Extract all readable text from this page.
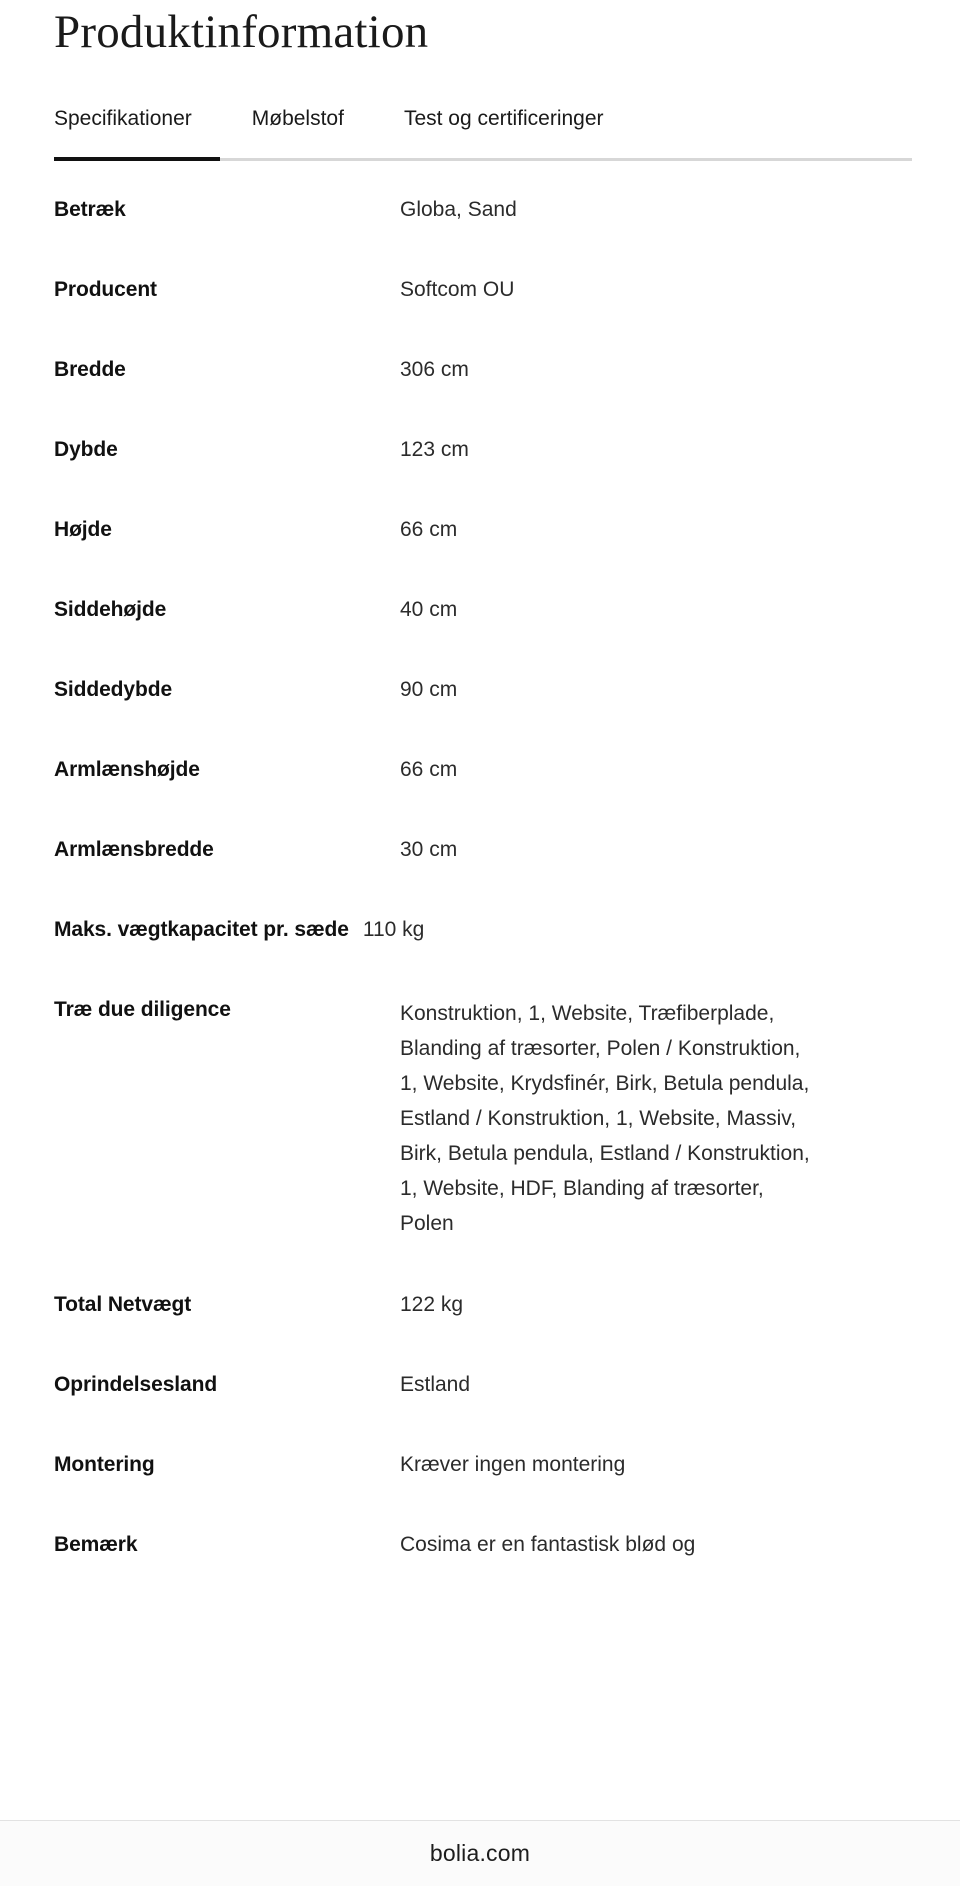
Produktinformation
Specifikationer	Møbelstof	Test og certificeringer
Betræk	Globa, Sand
Producent	Softcom OU
Bredde	306 cm
Dybde	123 cm
Højde	66 cm
Siddehøjde	40 cm
Siddedybde	90 cm
Armlænshøjde	66 cm
Armlænsbredde	30 cm
Maks. vægtkapacitet pr. sæde 110 kg
Træ due diligence	Konstruktion, 1, Website, Træfiberplade, Blanding af træsorter, Polen / Konstruktion, 1, Website, Krydsfinér, Birk, Betula pendula, Estland / Konstruktion, 1, Website, Massiv, Birk, Betula pendula, Estland / Konstruktion, 1, Website, HDF, Blanding af træsorter, Polen
Total Netvægt	122 kg
Oprindelsesland	Estland
Montering	Kræver ingen montering
Bemærk	Cosima er en fantastisk blød og
bolia.com
